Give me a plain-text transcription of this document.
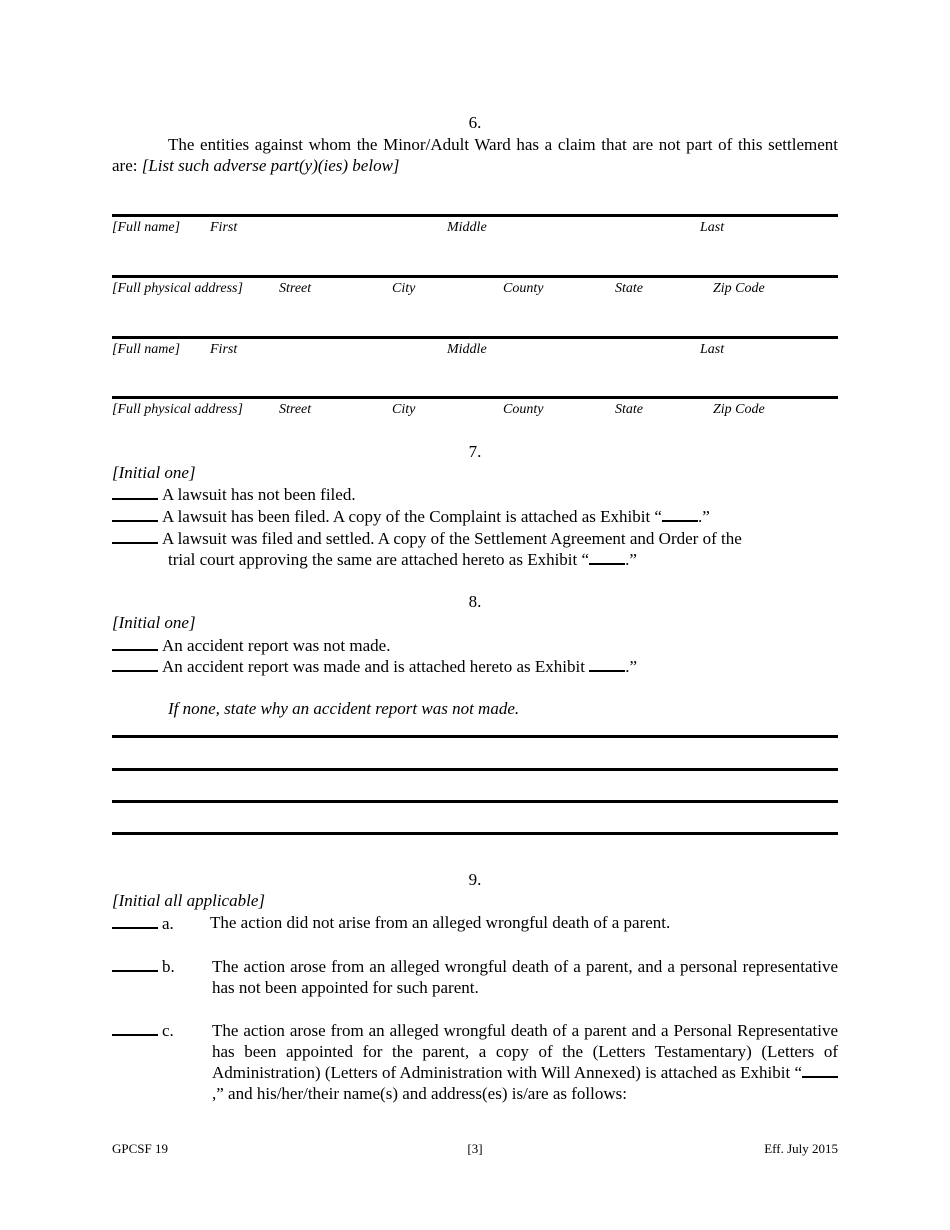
6.
The entities against whom the Minor/Adult Ward has a claim that are not part of this settlement are: [List such adverse part(y)(ies) below]
[Full name] First	Middle	Last
[Full physical address]	Street	City	County	State	Zip Code
[Full name] First	Middle	Last
[Full physical address]	Street	City	County	State	Zip Code
7.
[Initial one]
A lawsuit has not been filed.
A lawsuit has been filed. A copy of the Complaint is attached as Exhibit “ .”
A lawsuit was filed and settled. A copy of the Settlement Agreement and Order of the
trial court approving the same are attached hereto as Exhibit “ .”
8.
[Initial one]
An accident report was not made.
An accident report was made and is attached hereto as Exhibit .”
If none, state why an accident report was not made.
9.
[Initial all applicable]
a. The action did not arise from an alleged wrongful death of a parent.
b. The action arose from an alleged wrongful death of a parent, and a personal representative has not been appointed for such parent.
c. The action arose from an alleged wrongful death of a parent and a Personal Representative has been appointed for the parent, a copy of the (Letters Testamentary) (Letters of Administration) (Letters of Administration with Will Annexed) is attached as Exhibit “,” and his/her/their name(s) and address(es) is/are as follows:
GPCSF 19	[3]	Eff. July 2015
